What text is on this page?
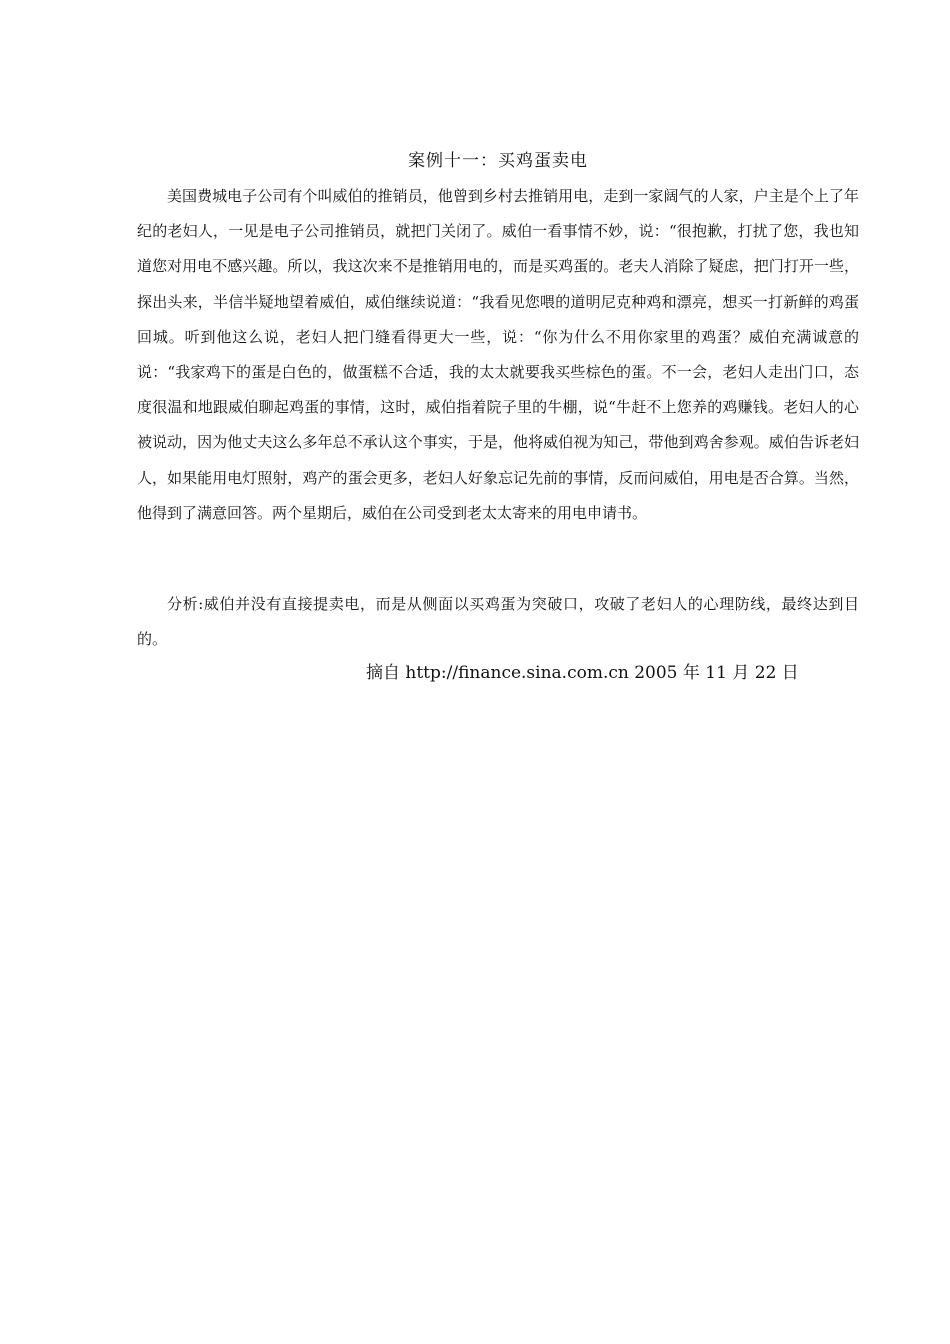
案例十一：买鸡蛋卖电

美国费城电子公司有个叫威伯的推销员，他曾到乡村去推销用电，走到一家阔气的人家，户主是个上了年纪的老妇人，一见是电子公司推销员，就把门关闭了。威伯一看事情不妙，说：“很抱歉，打扰了您，我也知道您对用电不感兴趣。所以，我这次来不是推销用电的，而是买鸡蛋的。老夫人消除了疑虑，把门打开一些，探出头来，半信半疑地望着威伯，威伯继续说道：“我看见您喂的道明尼克种鸡和漂亮，想买一打新鲜的鸡蛋回城。听到他这么说，老妇人把门缝看得更大一些，说：“你为什么不用你家里的鸡蛋？威伯充满诚意的说：“我家鸡下的蛋是白色的，做蛋糕不合适，我的太太就要我买些棕色的蛋。不一会，老妇人走出门口，态度很温和地跟威伯聊起鸡蛋的事情，这时，威伯指着院子里的牛棚，说“牛赶不上您养的鸡赚钱。老妇人的心被说动，因为他丈夫这么多年总不承认这个事实，于是，他将威伯视为知己，带他到鸡舍参观。威伯告诉老妇人，如果能用电灯照射，鸡产的蛋会更多，老妇人好象忘记先前的事情，反而问威伯，用电是否合算。当然，他得到了满意回答。两个星期后，威伯在公司受到老太太寄来的用电申请书。

分析:威伯并没有直接提卖电，而是从侧面以买鸡蛋为突破口，攻破了老妇人的心理防线，最终达到目的。

摘自 http://finance.sina.com.cn 2005 年 11 月 22 日
